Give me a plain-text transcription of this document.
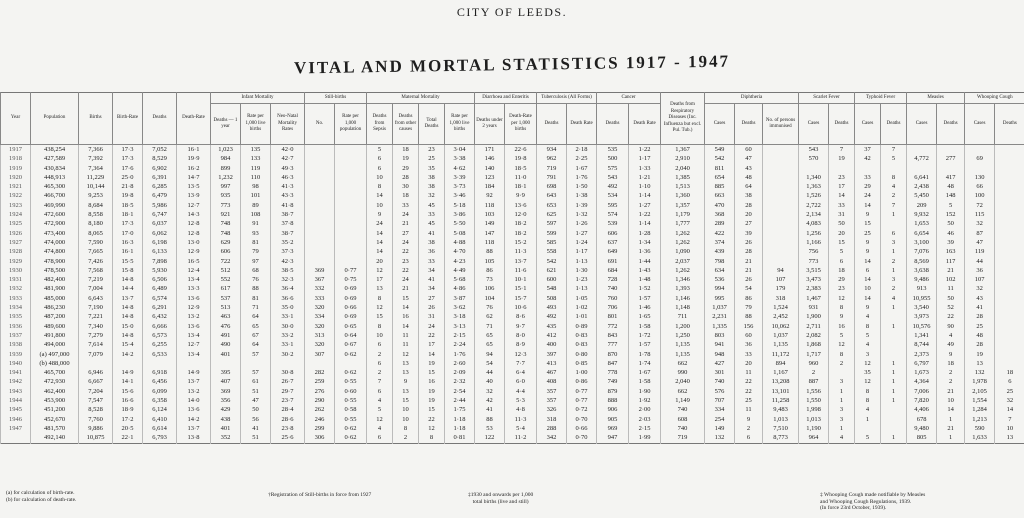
CITY OF LEEDS.
VITAL AND MORTAL STATISTICS 1917 - 1947
Year	Population	Births	Birth-Rate	Deaths	Death-Rate	Infant Mortality			Still-births		Maternal Mortality				Diarrhoea and Enteritis		Tuberculosis (All Forms)		Cancer		Deaths from Respiratory Diseases (Inc. Influenza but excl. Pul. Tub.)	Diphtheria			Scarlet Fever		Typhoid Fever		Measles		Whooping Cough	
						Deaths — 1 year	Rate per 1,000 live births	Neo-Natal Mortality Rates	No.	Rate per 1,000 population	Deaths from Sepsis	Deaths from other causes	Total Deaths	Rate per 1,000 live births	Deaths under 2 years	Death-Rate per 1,000 births	Deaths	Death Rate	Deaths	Death Rate		Cases	Deaths	No. of persons immunised	Cases	Deaths	Cases	Deaths	Cases	Deaths	Cases	Deaths
1917	438,254	7,366	17·3	7,052	16·1	1,023	135	42·0			5	18	23	3·04	171	22·6	934	2·18	535	1·22	1,367	549	60		543	7	37	7				
1918	427,589	7,392	17·3	8,529	19·9	984	133	42·7			6	19	25	3·38	146	19·8	962	2·25	500	1·17	2,910	542	47		570	19	42	5	4,772	277	69	
1919	430,834	7,364	17·6	6,902	16·2	899	119	49·3			6	29	35	4·62	140	18·5	719	1·67	575	1·33	2,040	811	43									
1920	448,913	11,229	25·0	6,391	14·7	1,232	110	46·3			10	28	38	3·39	123	11·0	791	1·76	543	1·21	1,385	654	48		1,340	23	33	8	6,641	417	130	
1921	465,300	10,144	21·8	6,285	13·5	997	98	41·3			8	30	38	3·73	184	18·1	698	1·50	492	1·10	1,513	885	64		1,363	17	29	4	2,438	48	66	
1922	466,700	9,253	19·8	6,479	13·9	935	101	43·3			14	18	32	3·46	92	9·9	643	1·38	534	1·14	1,360	663	38		1,526	14	24	2	5,450	148	100	
1923	469,990	8,684	18·5	5,986	12·7	773	89	41·8			10	33	45	5·18	118	13·6	653	1·39	595	1·27	1,357	470	28		2,722	33	14	7	209	5	72	
1924	472,600	8,558	18·1	6,747	14·3	921	108	38·7			9	24	33	3·86	103	12·0	625	1·32	574	1·22	1,179	368	20		2,134	31	9	1	9,932	152	115	
1925	472,900	8,180	17·3	6,037	12·8	748	91	37·8			24	21	45	5·50	149	18·2	597	1·26	539	1·14	1,777	289	27		4,083	50	15		1,653	50	32	
1926	473,400	8,065	17·0	6,062	12·8	748	93	38·7			14	27	41	5·08	147	18·2	599	1·27	606	1·28	1,262	422	39		1,256	20	25	6	6,654	46	87	
1927	474,000	7,590	16·3	6,198	13·0	629	81	35·2			14	24	38	4·88	118	15·2	585	1·24	637	1·34	1,262	374	26		1,166	15	9	3	3,100	39	47	
1928	474,800	7,665	16·1	6,133	12·9	606	79	37·3			14	22	36	4·70	88	11·3	558	1·17	649	1·36	1,090	439	28		756	5	9	1	7,076	163	119	
1929	478,900	7,426	15·5	7,898	16·5	722	97	42·3			20	23	33	4·23	105	13·7	542	1·13	691	1·44	2,037	798	21		773	6	14	2	8,569	117	44	
1930	478,500	7,568	15·8	5,930	12·4	512	68	38·5	369	0·77	12	22	34	4·49	86	11·6	621	1·30	684	1·43	1,262	634	21	94	3,515	18	6	1	3,638	21	36	
1931	482,400	7,219	14·8	6,506	13·4	552	76	32·3	367	0·75	17	24	41	5·68	73	10·1	600	1·23	728	1·48	1,346	536	26	107	3,473	29	14	3	9,486	102	107	
1932	481,900	7,004	14·4	6,489	13·3	617	88	36·4	332	0·69	13	21	34	4·86	106	15·1	548	1·13	740	1·52	1,393	994	54	179	2,383	23	10	2	913	11	32	
1933	485,000	6,643	13·7	6,574	13·6	537	81	36·6	333	0·69	8	15	27	3·87	104	15·7	508	1·05	760	1·57	1,146	995	86	318	1,467	12	14	4	10,955	50	43	
1934	486,230	7,190	14·8	6,291	12·9	513	71	35·0	320	0·66	12	14	26	3·62	76	10·6	493	1·02	706	1·46	1,148	1,037	79	1,524	931	8	9	1	3,540	52	41	
1935	487,200	7,221	14·8	6,432	13·2	463	64	33·1	334	0·69	15	16	31	3·18	62	8·6	492	1·01	801	1·65	711	2,231	88	2,452	1,900	9	4		3,973	22	28	
1936	489,600	7,340	15·0	6,666	13·6	476	65	30·0	320	0·65	8	14	24	3·13	71	9·7	435	0·89	772	1·58	1,200	1,335	156	10,062	2,711	16	8	1	10,576	90	25	
1937	491,800	7,279	14·8	6,573	13·4	491	67	33·2	313	0·64	10	11	22	2·15	65	8·0	412	0·83	843	1·72	1,250	803	60	1,037	2,082	5	5		1,341	4	48	
1938	494,000	7,614	15·4	6,255	12·7	490	64	33·1	320	0·67	6	11	17	2·24	65	8·9	400	0·83	777	1·57	1,135	941	36	1,135	1,868	12	4		8,744	49	28	
1939	(a) 497,000	7,079	14·2	6,533	13·4	401	57	30·2	307	0·62	2	12	14	1·76	94	12·3	397	0·80	870	1·78	1,135	948	33	11,172	1,717	8	3		2,373	9	19	
1940	(b) 488,000										6	13	19	2·60	54	7·7	413	0·85	847	1·74	662	427	20	894	960	2	12	1	6,797	18	13	
1941	465,700	6,946	14·9	6,918	14·9	395	57	30·8	282	0·62	2	13	15	2·09	44	6·4	467	1·00	778	1·67	990	301	11	1,167	2		35	1	1,673	2	132	18
1942	472,930	6,667	14·1	6,456	13·7	407	61	26·7	259	0·55	7	9	16	2·32	40	6·0	408	0·86	749	1·58	2,040	740	22	13,208	887	3	12	1	4,364	2	1,978	6
1943	462,400	7,204	15·6	6,099	13·2	369	51	29·7	276	0·60	6	13	19	2·54	32	4·4	357	0·77	879	1·90	662	576	22	13,101	1,556	1	8	1	7,006	21	2,105	25
1944	453,900	7,547	16·6	6,358	14·0	356	47	23·7	290	0·55	4	15	19	2·44	42	5·3	357	0·77	888	1·92	1,149	707	25	11,258	1,550	1	8	1	7,820	10	1,554	32
1945	451,200	8,528	18·9	6,124	13·6	429	50	28·4	262	0·58	5	10	15	1·75	41	4·8	326	0·72	906	2·00	740	334	11	9,483	1,998	3	4		4,406	14	1,284	14
1946	452,670	7,760	17·2	6,410	14·2	438	56	28·6	246	0·55	12	10	22	1·18	88	11·3	318	0·70	905	2·03	608	254	9	1,013	1,013	3	1		678	1	1,213	7
1947	481,570	9,886	20·5	6,614	13·7	401	41	23·8	299	0·62	4	8	12	1·18	53	5·4	288	0·66	969	2·15	740	149	2	7,510	1,190	1			9,480	21	590	10
	492,140	10,875	22·1	6,793	13·8	352	51	25·6	306	0·62	6	2	8	0·81	122	11·2	342	0·70	947	1·99	719	132	6	8,773	964	4	5	1	805	1	1,633	13
(a) for calculation of birth-rate.
(b) for calculation of death-rate.
†Registration of Still-births in force from 1927	‡1930 and onwards per 1,000
total births (live and still)
‡ Whooping Cough made notifiable by Measles
and Whooping Cough Regulations, 1939.
(In force 23rd October, 1939).
